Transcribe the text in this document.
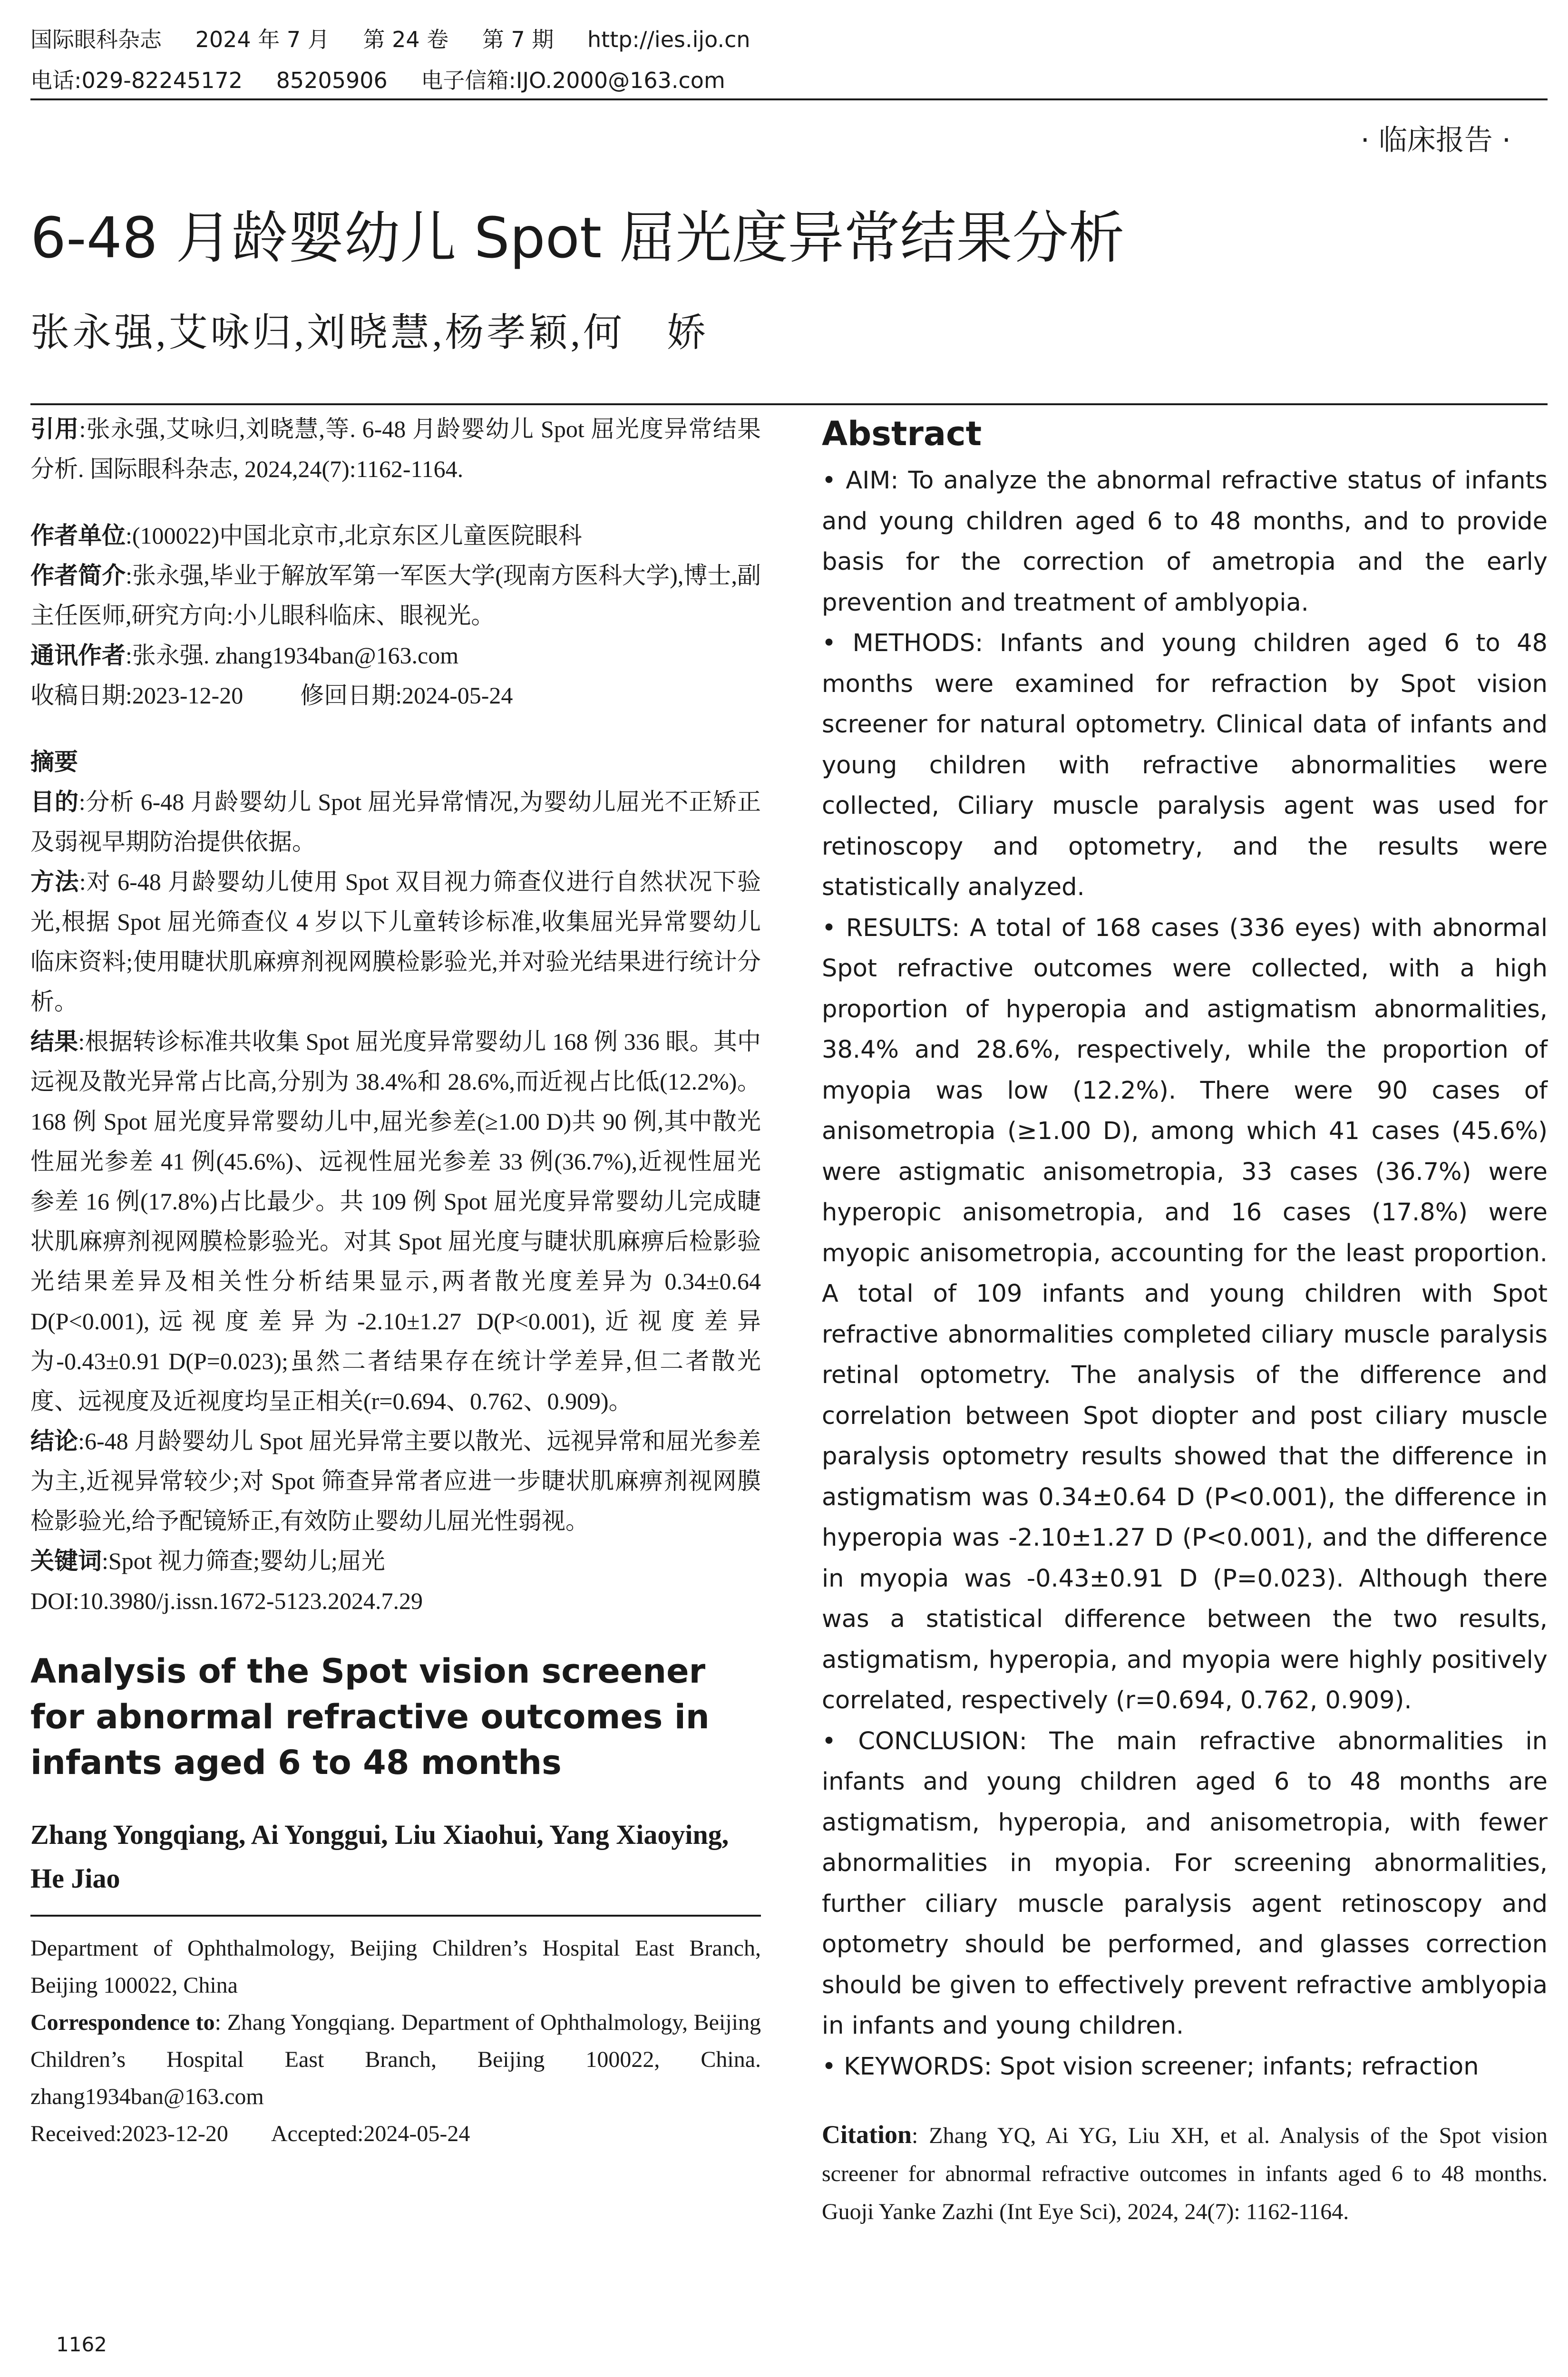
国际眼科杂志 2024 年 7 月 第 24 卷 第 7 期 http://ies.ijo.cn
电话:029-82245172 85205906 电子信箱:IJO.2000@163.com
· 临床报告 ·
6-48 月龄婴幼儿 Spot 屈光度异常结果分析
张永强,艾咏归,刘晓慧,杨孝颖,何　娇

引用:张永强,艾咏归,刘晓慧,等. 6-48 月龄婴幼儿 Spot 屈光度异常结果分析. 国际眼科杂志, 2024,24(7):1162-1164.

作者单位:(100022)中国北京市,北京东区儿童医院眼科

作者简介:张永强,毕业于解放军第一军医大学(现南方医科大学),博士,副主任医师,研究方向:小儿眼科临床、眼视光。

通讯作者:张永强. zhang1934ban@163.com

收稿日期:2023-12-20 修回日期:2024-05-24

摘要

目的:分析 6-48 月龄婴幼儿 Spot 屈光异常情况,为婴幼儿屈光不正矫正及弱视早期防治提供依据。

方法:对 6-48 月龄婴幼儿使用 Spot 双目视力筛查仪进行自然状况下验光,根据 Spot 屈光筛查仪 4 岁以下儿童转诊标准,收集屈光异常婴幼儿临床资料;使用睫状肌麻痹剂视网膜检影验光,并对验光结果进行统计分析。

结果:根据转诊标准共收集 Spot 屈光度异常婴幼儿 168 例 336 眼。其中远视及散光异常占比高,分别为 38.4%和 28.6%,而近视占比低(12.2%)。168 例 Spot 屈光度异常婴幼儿中,屈光参差(≥1.00 D)共 90 例,其中散光性屈光参差 41 例(45.6%)、远视性屈光参差 33 例(36.7%),近视性屈光参差 16 例(17.8%)占比最少。共 109 例 Spot 屈光度异常婴幼儿完成睫状肌麻痹剂视网膜检影验光。对其 Spot 屈光度与睫状肌麻痹后检影验光结果差异及相关性分析结果显示,两者散光度差异为 0.34±0.64 D(P<0.001),远视度差异为-2.10±1.27 D(P<0.001),近视度差异为-0.43±0.91 D(P=0.023);虽然二者结果存在统计学差异,但二者散光度、远视度及近视度均呈正相关(r=0.694、0.762、0.909)。

结论:6-48 月龄婴幼儿 Spot 屈光异常主要以散光、远视异常和屈光参差为主,近视异常较少;对 Spot 筛查异常者应进一步睫状肌麻痹剂视网膜检影验光,给予配镜矫正,有效防止婴幼儿屈光性弱视。

关键词:Spot 视力筛查;婴幼儿;屈光

DOI:10.3980/j.issn.1672-5123.2024.7.29

Analysis of the Spot vision screener for abnormal refractive outcomes in infants aged 6 to 48 months
Zhang Yongqiang, Ai Yonggui, Liu Xiaohui, Yang Xiaoying, He Jiao

Department of Ophthalmology, Beijing Children’s Hospital East Branch, Beijing 100022, China

Correspondence to: Zhang Yongqiang. Department of Ophthalmology, Beijing Children’s Hospital East Branch, Beijing 100022, China. zhang1934ban@163.com

Received:2023-12-20 Accepted:2024-05-24

Abstract

• AIM: To analyze the abnormal refractive status of infants and young children aged 6 to 48 months, and to provide basis for the correction of ametropia and the early prevention and treatment of amblyopia.

• METHODS: Infants and young children aged 6 to 48 months were examined for refraction by Spot vision screener for natural optometry. Clinical data of infants and young children with refractive abnormalities were collected, Ciliary muscle paralysis agent was used for retinoscopy and optometry, and the results were statistically analyzed.

• RESULTS: A total of 168 cases (336 eyes) with abnormal Spot refractive outcomes were collected, with a high proportion of hyperopia and astigmatism abnormalities, 38.4% and 28.6%, respectively, while the proportion of myopia was low (12.2%). There were 90 cases of anisometropia (≥1.00 D), among which 41 cases (45.6%) were astigmatic anisometropia, 33 cases (36.7%) were hyperopic anisometropia, and 16 cases (17.8%) were myopic anisometropia, accounting for the least proportion. A total of 109 infants and young children with Spot refractive abnormalities completed ciliary muscle paralysis retinal optometry. The analysis of the difference and correlation between Spot diopter and post ciliary muscle paralysis optometry results showed that the difference in astigmatism was 0.34±0.64 D (P<0.001), the difference in hyperopia was -2.10±1.27 D (P<0.001), and the difference in myopia was -0.43±0.91 D (P=0.023). Although there was a statistical difference between the two results, astigmatism, hyperopia, and myopia were highly positively correlated, respectively (r=0.694, 0.762, 0.909).

• CONCLUSION: The main refractive abnormalities in infants and young children aged 6 to 48 months are astigmatism, hyperopia, and anisometropia, with fewer abnormalities in myopia. For screening abnormalities, further ciliary muscle paralysis agent retinoscopy and optometry should be performed, and glasses correction should be given to effectively prevent refractive amblyopia in infants and young children.

• KEYWORDS: Spot vision screener; infants; refraction

Citation: Zhang YQ, Ai YG, Liu XH, et al. Analysis of the Spot vision screener for abnormal refractive outcomes in infants aged 6 to 48 months. Guoji Yanke Zazhi (Int Eye Sci), 2024, 24(7): 1162-1164.

1162
